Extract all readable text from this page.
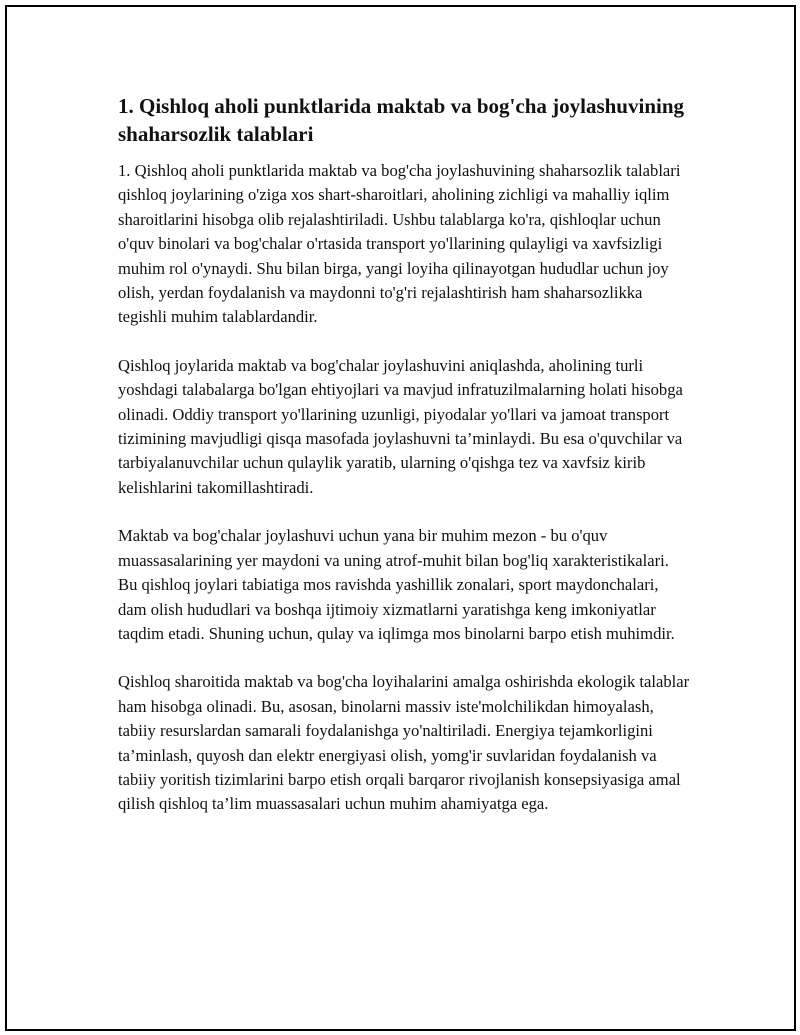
1. Qishloq aholi punktlarida maktab va bog'cha joylashuvining shaharsozlik talablari

1. Qishloq aholi punktlarida maktab va bog'cha joylashuvining shaharsozlik talablari qishloq joylarining o'ziga xos shart-sharoitlari, aholining zichligi va mahalliy iqlim sharoitlarini hisobga olib rejalashtiriladi. Ushbu talablarga ko'ra, qishloqlar uchun o'quv binolari va bog'chalar o'rtasida transport yo'llarining qulayligi va xavfsizligi muhim rol o'ynaydi. Shu bilan birga, yangi loyiha qilinayotgan hududlar uchun joy olish, yerdan foydalanish va maydonni to'g'ri rejalashtirish ham shaharsozlikka tegishli muhim talablardandir.

Qishloq joylarida maktab va bog'chalar joylashuvini aniqlashda, aholining turli yoshdagi talabalarga bo'lgan ehtiyojlari va mavjud infratuzilmalarning holati hisobga olinadi. Oddiy transport yo'llarining uzunligi, piyodalar yo'llari va jamoat transport tizimining mavjudligi qisqa masofada joylashuvni ta’minlaydi. Bu esa o'quvchilar va tarbiyalanuvchilar uchun qulaylik yaratib, ularning o'qishga tez va xavfsiz kirib kelishlarini takomillashtiradi.

Maktab va bog'chalar joylashuvi uchun yana bir muhim mezon - bu o'quv muassasalarining yer maydoni va uning atrof-muhit bilan bog'liq xarakteristikalari. Bu qishloq joylari tabiatiga mos ravishda yashillik zonalari, sport maydonchalari, dam olish hududlari va boshqa ijtimoiy xizmatlarni yaratishga keng imkoniyatlar taqdim etadi. Shuning uchun, qulay va iqlimga mos binolarni barpo etish muhimdir.

Qishloq sharoitida maktab va bog'cha loyihalarini amalga oshirishda ekologik talablar ham hisobga olinadi. Bu, asosan, binolarni massiv iste'molchilikdan himoyalash, tabiiy resurslardan samarali foydalanishga yo'naltiriladi. Energiya tejamkorligini ta’minlash, quyosh dan elektr energiyasi olish, yomg'ir suvlaridan foydalanish va tabiiy yoritish tizimlarini barpo etish orqali barqaror rivojlanish konsepsiyasiga amal qilish qishloq ta’lim muassasalari uchun muhim ahamiyatga ega.
